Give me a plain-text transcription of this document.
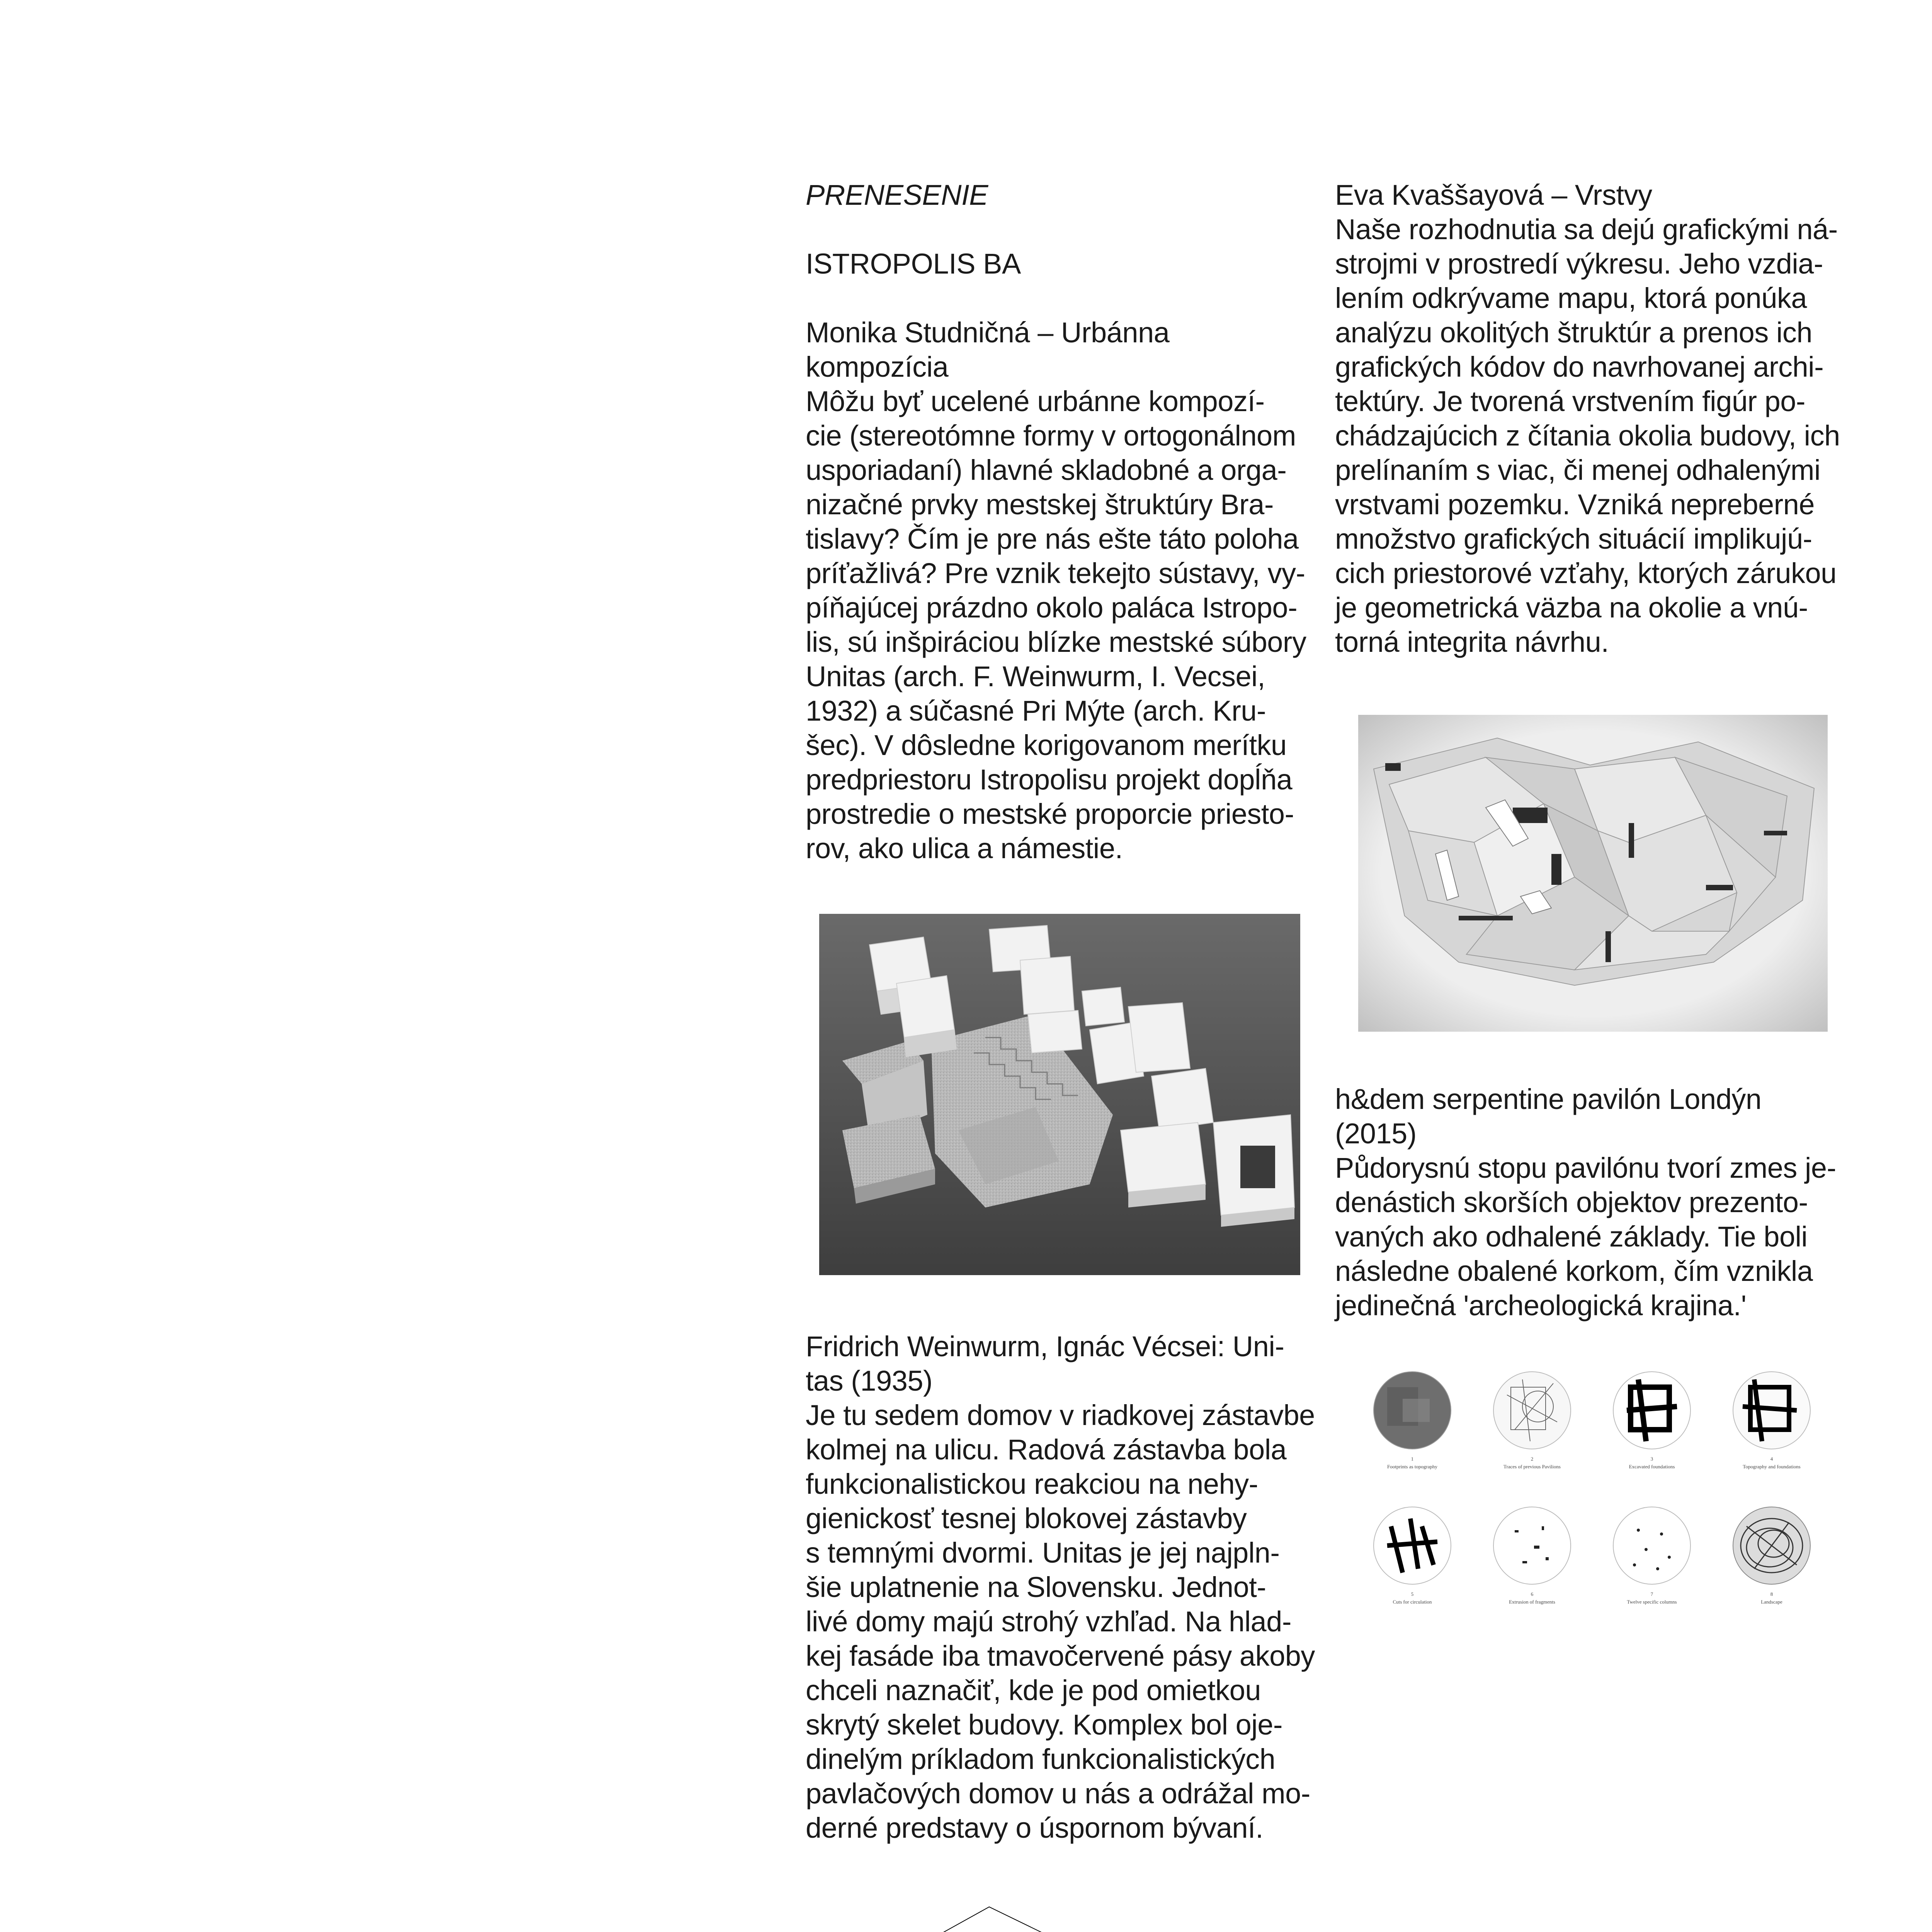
PRENESENIE
ISTROPOLIS BA
Monika Studničná – Urbánna
kompozícia
Môžu byť ucelené urbánne kompozí-
cie (stereotómne formy v ortogonálnom
usporiadaní) hlavné skladobné a orga-
nizačné prvky mestskej štruktúry Bra-
tislavy? Čím je pre nás ešte táto poloha
príťažlivá? Pre vznik tekejto sústavy, vy-
píňajúcej prázdno okolo paláca Istropo-
lis, sú inšpiráciou blízke mestské súbory
Unitas (arch. F. Weinwurm, I. Vecsei,
1932) a súčasné Pri Mýte (arch. Kru-
šec). V dôsledne korigovanom merítku
predpriestoru Istropolisu projekt dopĺňa
prostredie o mestské proporcie priesto-
rov, ako ulica a námestie.
Fridrich Weinwurm, Ignác Vécsei: Uni-
tas (1935)
Je tu sedem domov v riadkovej zástavbe
kolmej na ulicu. Radová zástavba bola
funkcionalistickou reakciou na nehy-
gienickosť tesnej blokovej zástavby
s temnými dvormi. Unitas je jej najpln-
šie uplatnenie na Slovensku. Jednot-
livé domy majú strohý vzhľad. Na hlad-
kej fasáde iba tmavočervené pásy akoby
chceli naznačiť, kde je pod omietkou
skrytý skelet budovy. Komplex bol oje-
dinelým príkladom funkcionalistických
pavlačových domov u nás a odrážal mo-
derné predstavy o úspornom bývaní.
Eva Kvaššayová – Vrstvy
Naše rozhodnutia sa dejú grafickými ná-
strojmi v prostredí výkresu. Jeho vzdia-
lením odkrývame mapu, ktorá ponúka
analýzu okolitých štruktúr a prenos ich
grafických kódov do navrhovanej archi-
tektúry. Je tvorená vrstvením figúr po-
chádzajúcich z čítania okolia budovy, ich
prelínaním s viac, či menej odhalenými
vrstvami pozemku. Vzniká nepreberné
množstvo grafických situácií implikujú-
cich priestorové vzťahy, ktorých zárukou
je geometrická väzba na okolie a vnú-
torná integrita návrhu.
h&dem serpentine pavilón Londýn
(2015)
Půdorysnú stopu pavilónu tvorí zmes je-
denástich skorších objektov prezento-
vaných ako odhalené základy. Tie boli
následne obalené korkom, čím vznikla
jedinečná 'archeologická krajina.'
1
Footprints as topography
2
Traces of previous Pavilions
3
Excavated foundations
4
Topography and foundations
5
Cuts for circulation
6
Extrusion of fragments
7
Twelve specific columns
8
Landscape
